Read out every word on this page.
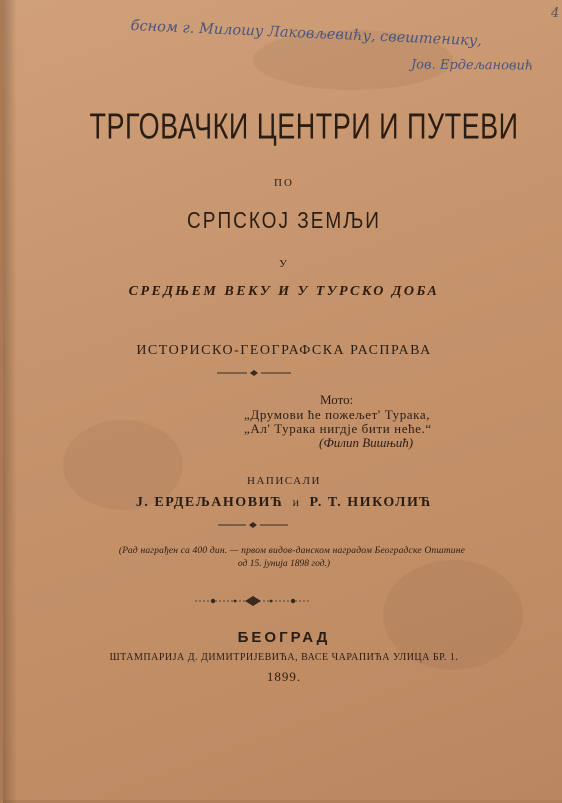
4
бсном г. Милошу Лаковљевићу, свештенику,
Јов. Ердељановић
ТРГОВАЧКИ ЦЕНТРИ И ПУТЕВИ
ПО
СРПСКОЈ ЗЕМЉИ
У
СРЕДЊЕМ ВЕКУ И У ТУРСКО ДОБА
ИСТОРИСКО-ГЕОГРАФСКА РАСПРАВА
Мото:
„Друмови ће пожељет' Турака,
„Ал' Турака нигдје бити неће.“
(Филип Вишњић)
НАПИСАЛИ
J. ЕРДЕЉАНОВИЋ и Р. Т. НИКОЛИЋ
(Рад награђен са 400 дин. — првом видов-данском наградом Београдске Општине
од 15. јунија 1898 год.)
БЕОГРАД
ШТАМПАРИЈА Д. ДИМИТРИЈЕВИЋА, ВАСЕ ЧАРАПИЋА УЛИЦА БР. 1.
1899.
